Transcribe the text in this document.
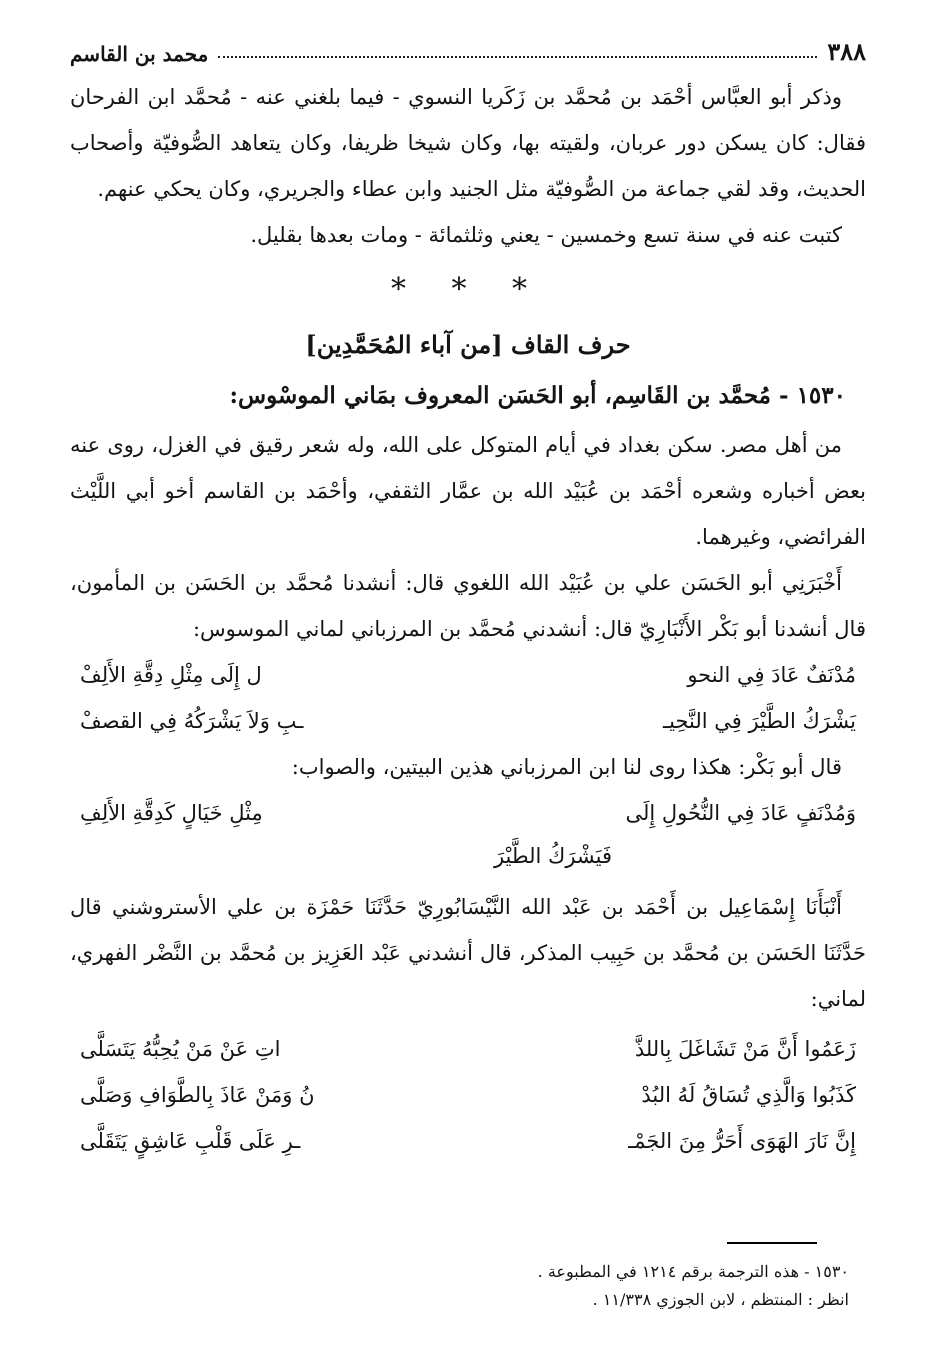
٣٨٨
محمد بن القاسم

وذكر أبو العبَّاس أحْمَد بن مُحمَّد بن زَكَريا النسوي - فيما بلغني عنه - مُحمَّد ابن الفرحان فقال: كان يسكن دور عربان، ولقيته بها، وكان شيخا ظريفا، وكان يتعاهد الصُّوفيّة وأصحاب الحديث، وقد لقي جماعة من الصُّوفيّة مثل الجنيد وابن عطاء والجريري، وكان يحكي عنهم.

كتبت عنه في سنة تسع وخمسين - يعني وثلثمائة - ومات بعدها بقليل.

* * *
حرف القاف [من آباء المُحَمَّدِين]
١٥٣٠ - مُحمَّد بن القَاسِم، أبو الحَسَن المعروف بمَاني الموسْوس:

من أهل مصر. سكن بغداد في أيام المتوكل على الله، وله شعر رقيق في الغزل، روى عنه بعض أخباره وشعره أحْمَد بن عُبَيْد الله بن عمَّار الثقفي، وأحْمَد بن القاسم أخو أبي اللَّيْث الفرائضي، وغيرهما.

أَخْبَرَنِي أبو الحَسَن علي بن عُبَيْد الله اللغوي قال: أنشدنا مُحمَّد بن الحَسَن بن المأمون، قال أنشدنا أبو بَكْر الأَنْبَارِيّ قال: أنشدني مُحمَّد بن المرزباني لماني الموسوس:

مُدْنَفٌ عَادَ فِي النحو
ل إِلَى مِثْلِ دِقَّةِ الأَلِفْ
يَشْرَكُ الطَّيْرَ فِي النَّحِيـ
ـبِ وَلاَ يَشْرَكُهُ فِي القصفْ

قال أبو بَكْر: هكذا روى لنا ابن المرزباني هذين البيتين، والصواب:

وَمُدْنَفٍ عَادَ فِي النُّحُولِ إِلَى
مِثْلِ خَيَالٍ كَدِقَّةِ الأَلِفِ
فَيَشْرَكُ الطَّيْرَ

أَنْبَأَنَا إِسْمَاعِيل بن أَحْمَد بن عَبْد الله النَّيْسَابُورِيّ حَدَّثَنَا حَمْزَة بن علي الأستروشني قال حَدَّثَنَا الحَسَن بن مُحمَّد بن حَبِيب المذكر، قال أنشدني عَبْد العَزِيز بن مُحمَّد بن النَّضْر الفهري، لماني:

زَعَمُوا أَنَّ مَنْ تَشَاغَلَ بِاللذَّ
اتِ عَنْ مَنْ يُحِبُّهُ يَتَسَلَّى
كَذَبُوا وَالَّذِي تُسَاقُ لَهُ البُدْ
نُ وَمَنْ عَاذَ بِالطَّوَافِ وَصَلَّى
إِنَّ نَارَ الهَوَى أَحَرُّ مِنَ الجَمْـ
ـرِ عَلَى قَلْبِ عَاشِقٍ يَتَقَلَّى

١٥٣٠ - هذه الترجمة برقم ١٢١٤ في المطبوعة .

انظر : المنتظم ، لابن الجوزي ١١/٣٣٨ .
